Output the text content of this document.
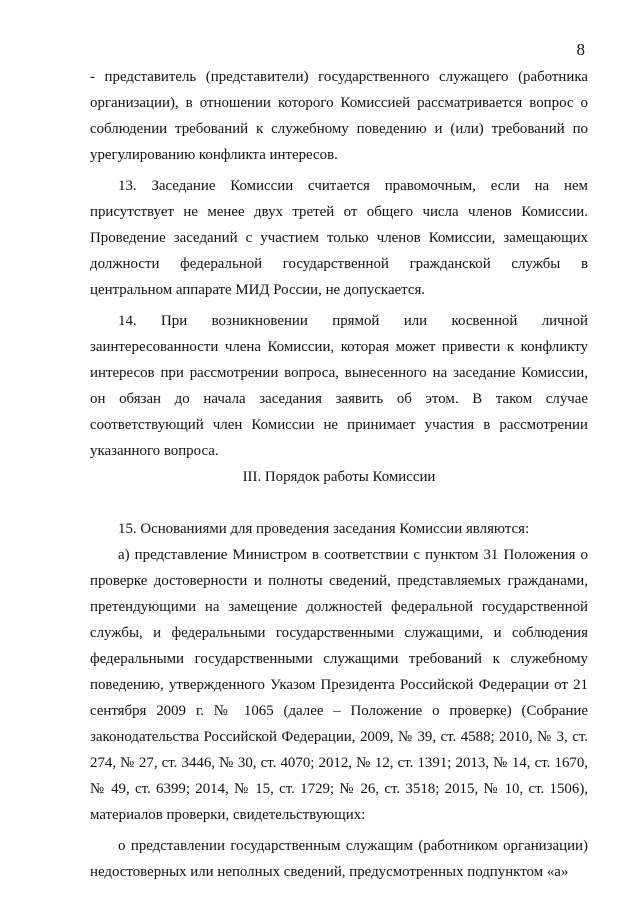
8

- представитель (представители) государственного служащего (работника организации), в отношении которого Комиссией рассматривается вопрос о соблюдении требований к служебному поведению и (или) требований по урегулированию конфликта интересов.

13. Заседание Комиссии считается правомочным, если на нем присутствует не менее двух третей от общего числа членов Комиссии. Проведение заседаний с участием только членов Комиссии, замещающих должности федеральной государственной гражданской службы в центральном аппарате МИД России, не допускается.

14. При возникновении прямой или косвенной личной заинтересованности члена Комиссии, которая может привести к конфликту интересов при рассмотрении вопроса, вынесенного на заседание Комиссии, он обязан до начала заседания заявить об этом. В таком случае соответствующий член Комиссии не принимает участия в рассмотрении указанного вопроса.

III. Порядок работы Комиссии

15. Основаниями для проведения заседания Комиссии являются:

а) представление Министром в соответствии с пунктом 31 Положения о проверке достоверности и полноты сведений, представляемых гражданами, претендующими на замещение должностей федеральной государственной службы, и федеральными государственными служащими, и соблюдения федеральными государственными служащими требований к служебному поведению, утвержденного Указом Президента Российской Федерации от 21 сентября 2009 г. № 1065 (далее – Положение о проверке) (Собрание законодательства Российской Федерации, 2009, № 39, ст. 4588; 2010, № 3, ст. 274, № 27, ст. 3446, № 30, ст. 4070; 2012, № 12, ст. 1391; 2013, № 14, ст. 1670, № 49, ст. 6399; 2014, № 15, ст. 1729; № 26, ст. 3518; 2015, № 10, ст. 1506), материалов проверки, свидетельствующих:

о представлении государственным служащим (работником организации) недостоверных или неполных сведений, предусмотренных подпунктом «а»
